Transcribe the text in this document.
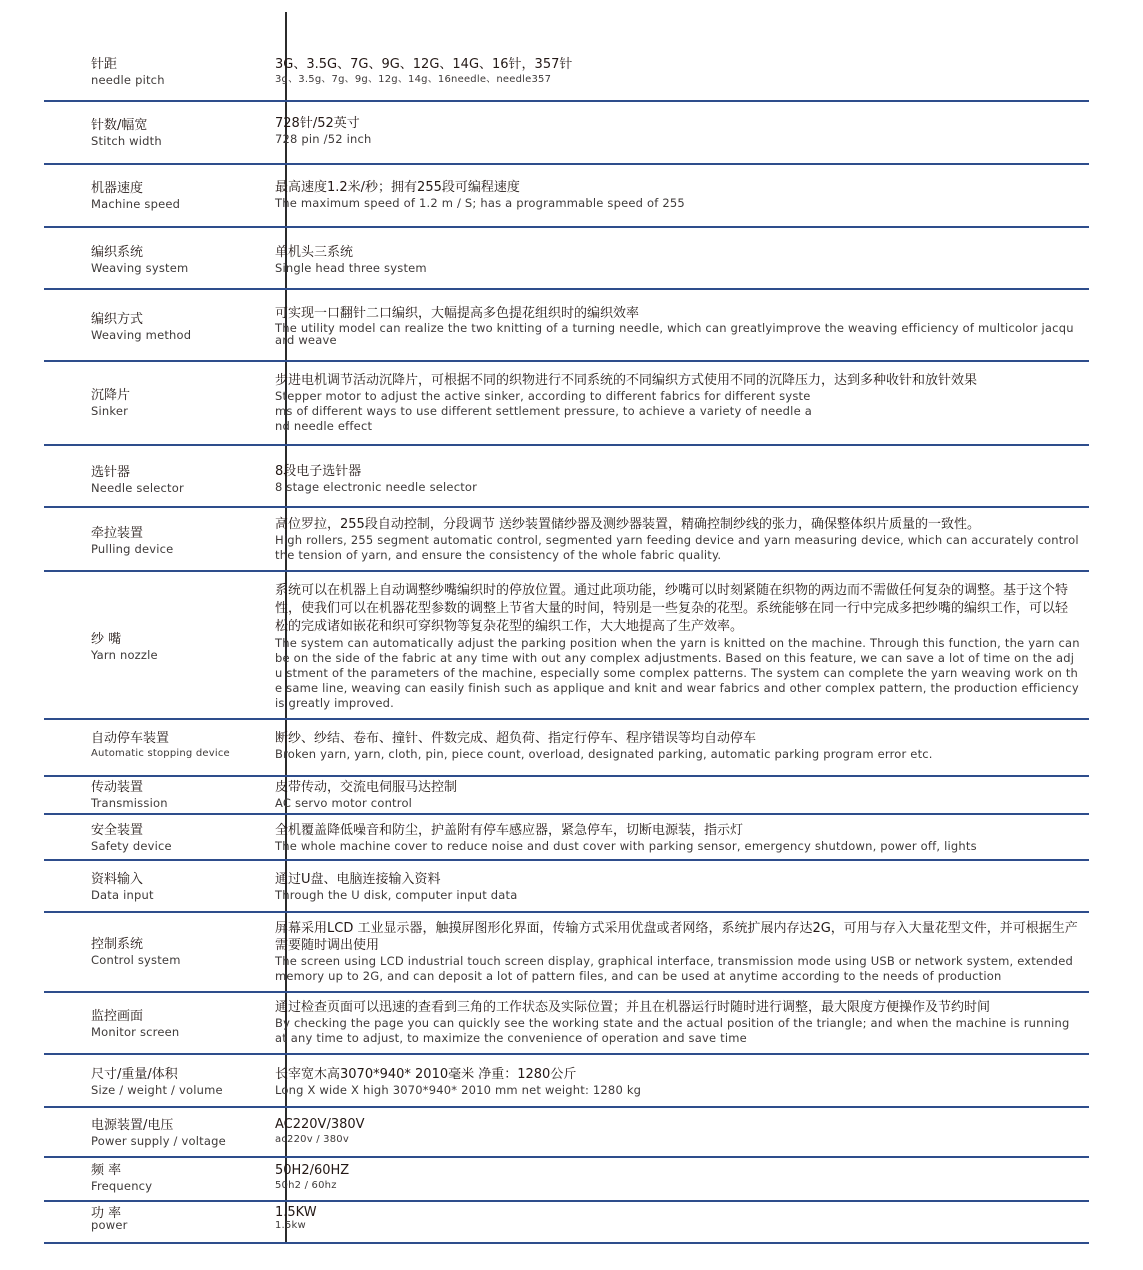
针距
needle pitch
3G、3.5G、7G、9G、12G、14G、16针，357针
3g、3.5g、7g、9g、12g、14g、16needle、needle357
针数/幅宽
Stitch width
728针/52英寸
728 pin /52 inch
机器速度
Machine speed
最高速度1.2米/秒；拥有255段可编程速度
The maximum speed of 1.2 m / S; has a programmable speed of 255
编织系统
Weaving system
单机头三系统
Single head three system
编织方式
Weaving method
可实现一口翻针二口编织，大幅提高多色提花组织时的编织效率
The utility model can realize the two knitting of a turning needle, which can greatlyimprove the weaving efficiency of multicolor jacquard weave
沉降片
Sinker
步进电机调节活动沉降片，可根据不同的织物进行不同系统的不同编织方式使用不同的沉降压力，达到多种收针和放针效果
Stepper motor to adjust the active sinker, according to different fabrics for different systems of different ways to use different settlement pressure, to achieve a variety of needle and needle effect
选针器
Needle selector
8段电子选针器
8 stage electronic needle selector
牵拉装置
Pulling device
高位罗拉，255段自动控制，分段调节 送纱装置储纱器及测纱器装置，精确控制纱线的张力，确保整体织片质量的一致性。
High rollers, 255 segment automatic control, segmented yarn feeding device and yarn measuring device, which can accurately control the tension of yarn, and ensure the consistency of the whole fabric quality.
纱 嘴
Yarn nozzle
系统可以在机器上自动调整纱嘴编织时的停放位置。通过此项功能，纱嘴可以时刻紧随在织物的两边而不需做任何复杂的调整。基于这个特性，使我们可以在机器花型参数的调整上节省大量的时间，特别是一些复杂的花型。系统能够在同一行中完成多把纱嘴的编织工作，可以轻松的完成诸如嵌花和织可穿织物等复杂花型的编织工作，大大地提高了生产效率。
The system can automatically adjust the parking position when the yarn is knitted on the machine. Through this function, the yarn can be on the side of the fabric at any time with out any complex adjustments. Based on this feature, we can save a lot of time on the adju stment of the parameters of the machine, especially some complex patterns. The system can complete the yarn weaving work on the same line, weaving can easily finish such as applique and knit and wear fabrics and other complex pattern, the production efficiency is greatly improved.
自动停车装置
Automatic stopping device
断纱、纱结、卷布、撞针、件数完成、超负荷、指定行停车、程序错误等均自动停车
Broken yarn, yarn, cloth, pin, piece count, overload, designated parking, automatic parking program error etc.
传动装置
Transmission
皮带传动，交流电伺服马达控制
AC servo motor control
安全装置
Safety device
全机覆盖降低噪音和防尘，护盖附有停车感应器，紧急停车，切断电源装，指示灯
The whole machine cover to reduce noise and dust cover with parking sensor, emergency shutdown, power off, lights
资料输入
Data input
通过U盘、电脑连接输入资料
Through the U disk, computer input data
控制系统
Control system
屏幕采用LCD 工业显示器，触摸屏图形化界面，传输方式采用优盘或者网络，系统扩展内存达2G，可用与存入大量花型文件，并可根据生产需要随时调出使用
The screen using LCD industrial touch screen display, graphical interface, transmission mode using USB or network system, extended memory up to 2G, and can deposit a lot of pattern files, and can be used at anytime according to the needs of production
监控画面
Monitor screen
通过检查页面可以迅速的查看到三角的工作状态及实际位置；并且在机器运行时随时进行调整，最大限度方便操作及节约时间
By checking the page you can quickly see the working state and the actual position of the triangle; and when the machine is running at any time to adjust, to maximize the convenience of operation and save time
尺寸/重量/体积
Size / weight / volume
长宰宽木高3070*940* 2010毫米 净重：1280公斤
Long X wide X high 3070*940* 2010 mm net weight: 1280 kg
电源装置/电压
Power supply / voltage
AC220V/380V
ac220v / 380v
频 率
Frequency
50H2/60HZ
50h2 / 60hz
功 率
power
1.5KW
1.5kw
